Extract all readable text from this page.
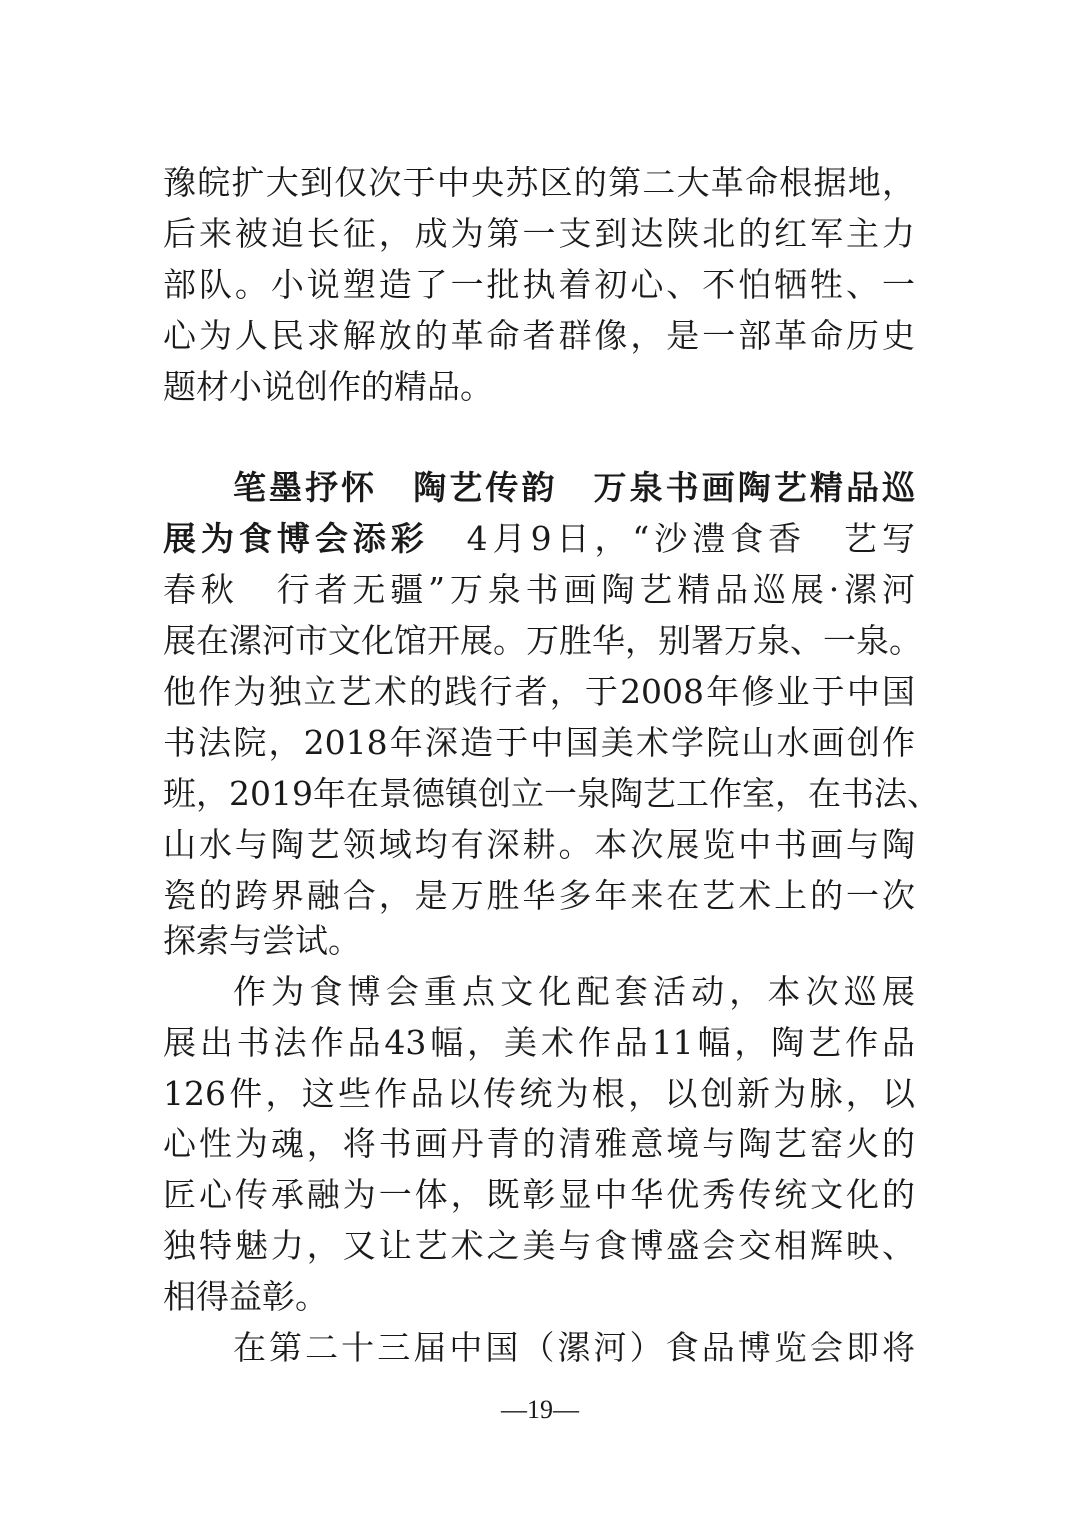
豫皖扩大到仅次于中央苏区的第二大革命根据地，
后来被迫长征，成为第一支到达陕北的红军主力
部队。小说塑造了一批执着初心、不怕牺牲、一
心为人民求解放的革命者群像，是一部革命历史
题材小说创作的精品。
笔墨抒怀　陶艺传韵　万泉书画陶艺精品巡
展为食博会添彩　4月9日，“沙澧食香　艺写
春秋　行者无疆”万泉书画陶艺精品巡展·漯河
展在漯河市文化馆开展。万胜华，别署万泉、一泉。
他作为独立艺术的践行者，于2008年修业于中国
书法院，2018年深造于中国美术学院山水画创作
班，2019年在景德镇创立一泉陶艺工作室，在书法、
山水与陶艺领域均有深耕。本次展览中书画与陶
瓷的跨界融合，是万胜华多年来在艺术上的一次
探索与尝试。
作为食博会重点文化配套活动，本次巡展
展出书法作品43幅，美术作品11幅，陶艺作品
126件，这些作品以传统为根，以创新为脉，以
心性为魂，将书画丹青的清雅意境与陶艺窑火的
匠心传承融为一体，既彰显中华优秀传统文化的
独特魅力，又让艺术之美与食博盛会交相辉映、
相得益彰。
在第二十三届中国（漯河）食品博览会即将
—19—
